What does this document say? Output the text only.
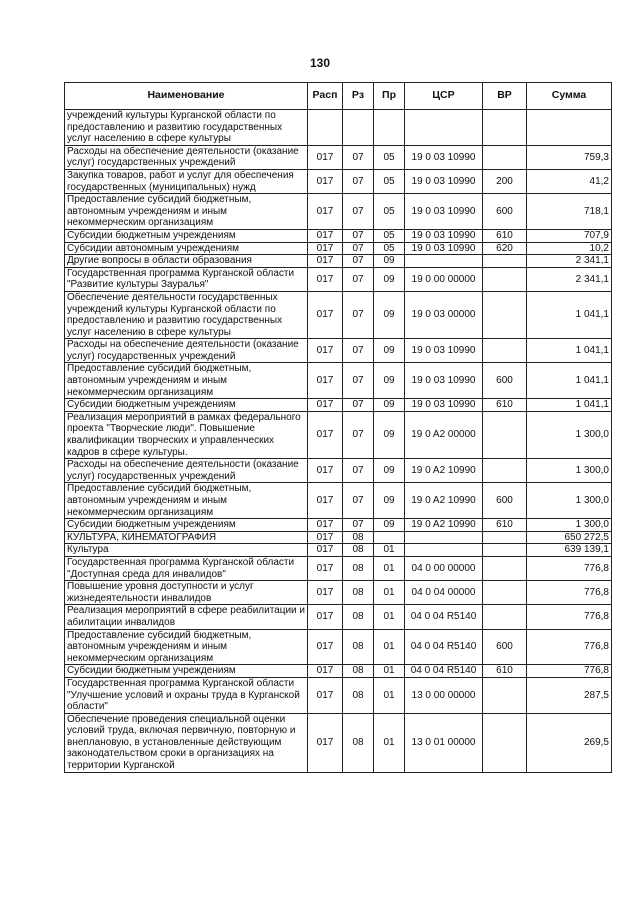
130
Наименование	Расп	Рз	Пр	ЦСР	ВР	Сумма
учреждений культуры Курганской области по предоставлению и развитию государственных услуг населению в сфере культуры						
Расходы на обеспечение деятельности (оказание услуг) государственных учреждений	017	07	05	19 0 03 10990		759,3
Закупка товаров, работ и услуг для обеспечения государственных (муниципальных) нужд	017	07	05	19 0 03 10990	200	41,2
Предоставление субсидий бюджетным, автономным учреждениям и иным некоммерческим организациям	017	07	05	19 0 03 10990	600	718,1
Субсидии бюджетным учреждениям	017	07	05	19 0 03 10990	610	707,9
Субсидии автономным учреждениям	017	07	05	19 0 03 10990	620	10,2
Другие вопросы в области образования	017	07	09			2 341,1
Государственная программа Курганской области "Развитие культуры Зауралья"	017	07	09	19 0 00 00000		2 341,1
Обеспечение деятельности государственных учреждений культуры Курганской области по предоставлению и развитию государственных услуг населению в сфере культуры	017	07	09	19 0 03 00000		1 041,1
Расходы на обеспечение деятельности (оказание услуг) государственных учреждений	017	07	09	19 0 03 10990		1 041,1
Предоставление субсидий бюджетным, автономным учреждениям и иным некоммерческим организациям	017	07	09	19 0 03 10990	600	1 041,1
Субсидии бюджетным учреждениям	017	07	09	19 0 03 10990	610	1 041,1
Реализация мероприятий в рамках федерального проекта "Творческие люди". Повышение квалификации творческих и управленческих кадров в сфере культуры.	017	07	09	19 0 A2 00000		1 300,0
Расходы на обеспечение деятельности (оказание услуг) государственных учреждений	017	07	09	19 0 A2 10990		1 300,0
Предоставление субсидий бюджетным, автономным учреждениям и иным некоммерческим организациям	017	07	09	19 0 A2 10990	600	1 300,0
Субсидии бюджетным учреждениям	017	07	09	19 0 A2 10990	610	1 300,0
КУЛЬТУРА, КИНЕМАТОГРАФИЯ	017	08				650 272,5
Культура	017	08	01			639 139,1
Государственная программа Курганской области "Доступная среда для инвалидов"	017	08	01	04 0 00 00000		776,8
Повышение уровня доступности и услуг жизнедеятельности инвалидов	017	08	01	04 0 04 00000		776,8
Реализация мероприятий в сфере реабилитации и абилитации инвалидов	017	08	01	04 0 04 R5140		776,8
Предоставление субсидий бюджетным, автономным учреждениям и иным некоммерческим организациям	017	08	01	04 0 04 R5140	600	776,8
Субсидии бюджетным учреждениям	017	08	01	04 0 04 R5140	610	776,8
Государственная программа Курганской области "Улучшение условий и охраны труда в Курганской области"	017	08	01	13 0 00 00000		287,5
Обеспечение проведения специальной оценки условий труда, включая первичную, повторную и внеплановую, в установленные действующим законодательством сроки в организациях на территории Курганской	017	08	01	13 0 01 00000		269,5
